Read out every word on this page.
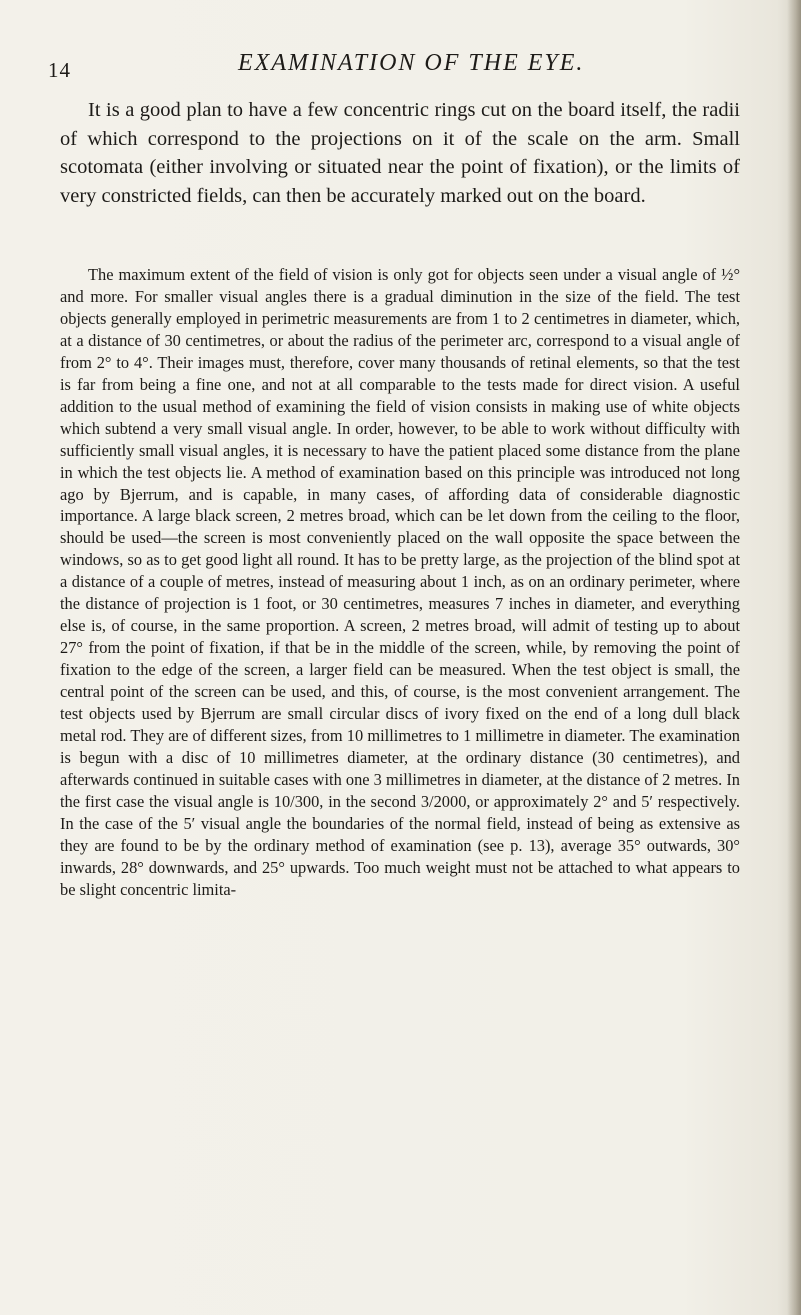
14	EXAMINATION OF THE EYE.

It is a good plan to have a few concentric rings cut on the board itself, the radii of which correspond to the projections on it of the scale on the arm. Small scotomata (either involving or situated near the point of fixation), or the limits of very constricted fields, can then be accurately marked out on the board.

The maximum extent of the field of vision is only got for objects seen under a visual angle of ½° and more. For smaller visual angles there is a gradual diminution in the size of the field. The test objects generally employed in perimetric measurements are from 1 to 2 centimetres in diameter, which, at a distance of 30 centimetres, or about the radius of the perimeter arc, correspond to a visual angle of from 2° to 4°. Their images must, therefore, cover many thousands of retinal elements, so that the test is far from being a fine one, and not at all comparable to the tests made for direct vision. A useful addition to the usual method of examining the field of vision consists in making use of white objects which subtend a very small visual angle. In order, however, to be able to work without difficulty with sufficiently small visual angles, it is necessary to have the patient placed some distance from the plane in which the test objects lie. A method of examination based on this principle was introduced not long ago by Bjerrum, and is capable, in many cases, of affording data of considerable diagnostic importance. A large black screen, 2 metres broad, which can be let down from the ceiling to the floor, should be used—the screen is most conveniently placed on the wall opposite the space between the windows, so as to get good light all round. It has to be pretty large, as the projection of the blind spot at a distance of a couple of metres, instead of measuring about 1 inch, as on an ordinary perimeter, where the distance of projection is 1 foot, or 30 centimetres, measures 7 inches in diameter, and everything else is, of course, in the same proportion. A screen, 2 metres broad, will admit of testing up to about 27° from the point of fixation, if that be in the middle of the screen, while, by removing the point of fixation to the edge of the screen, a larger field can be measured. When the test object is small, the central point of the screen can be used, and this, of course, is the most convenient arrangement. The test objects used by Bjerrum are small circular discs of ivory fixed on the end of a long dull black metal rod. They are of different sizes, from 10 millimetres to 1 millimetre in diameter. The examination is begun with a disc of 10 millimetres diameter, at the ordinary distance (30 centimetres), and afterwards continued in suitable cases with one 3 millimetres in diameter, at the distance of 2 metres. In the first case the visual angle is 10/300, in the second 3/2000, or approximately 2° and 5′ respectively. In the case of the 5′ visual angle the boundaries of the normal field, instead of being as extensive as they are found to be by the ordinary method of examination (see p. 13), average 35° outwards, 30° inwards, 28° downwards, and 25° upwards. Too much weight must not be attached to what appears to be slight concentric limita-
